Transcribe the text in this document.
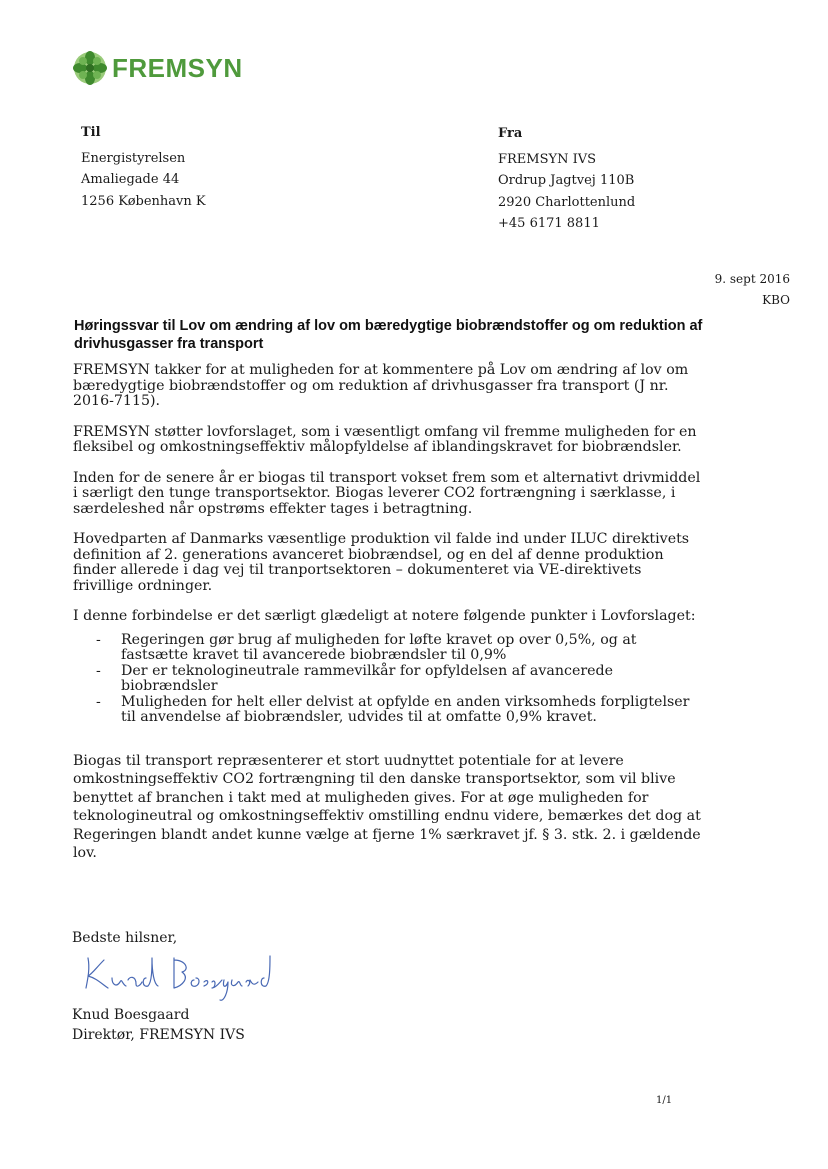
FREMSYN
Til
Energistyrelsen
Amaliegade 44
1256 København K
Fra
FREMSYN IVS
Ordrup Jagtvej 110B
2920 Charlottenlund
+45 6171 8811
9. sept 2016
KBO
Høringssvar til Lov om ændring af lov om bæredygtige biobrændstoffer og om reduktion af drivhusgasser fra transport

FREMSYN takker for at muligheden for at kommentere på Lov om ændring af lov om bæredygtige biobrændstoffer og om reduktion af drivhusgasser fra transport (J nr. 2016-7115).

FREMSYN støtter lovforslaget, som i væsentligt omfang vil fremme muligheden for en fleksibel og omkostningseffektiv målopfyldelse af iblandingskravet for biobrændsler.

Inden for de senere år er biogas til transport vokset frem som et alternativt drivmiddel i særligt den tunge transportsektor. Biogas leverer CO2 fortrængning i særklasse, i særdeleshed når opstrøms effekter tages i betragtning.

Hovedparten af Danmarks væsentlige produktion vil falde ind under ILUC direktivets definition af 2. generations avanceret biobrændsel, og en del af denne produktion finder allerede i dag vej til tranportsektoren – dokumenteret via VE-direktivets frivillige ordninger.

I denne forbindelse er det særligt glædeligt at notere følgende punkter i Lovforslaget:

- Regeringen gør brug af muligheden for løfte kravet op over 0,5%, og at fastsætte kravet til avancerede biobrændsler til 0,9%
- Der er teknologineutrale rammevilkår for opfyldelsen af avancerede biobrændsler
- Muligheden for helt eller delvist at opfylde en anden virksomheds forpligtelser til anvendelse af biobrændsler, udvides til at omfatte 0,9% kravet.

Biogas til transport repræsenterer et stort uudnyttet potentiale for at levere omkostningseffektiv CO2 fortrængning til den danske transportsektor, som vil blive benyttet af branchen i takt med at muligheden gives. For at øge muligheden for teknologineutral og omkostningseffektiv omstilling endnu videre, bemærkes det dog at Regeringen blandt andet kunne vælge at fjerne 1% særkravet jf. § 3. stk. 2. i gældende lov.

Bedste hilsner,
Knud Boesgaard
Direktør, FREMSYN IVS
1/1
